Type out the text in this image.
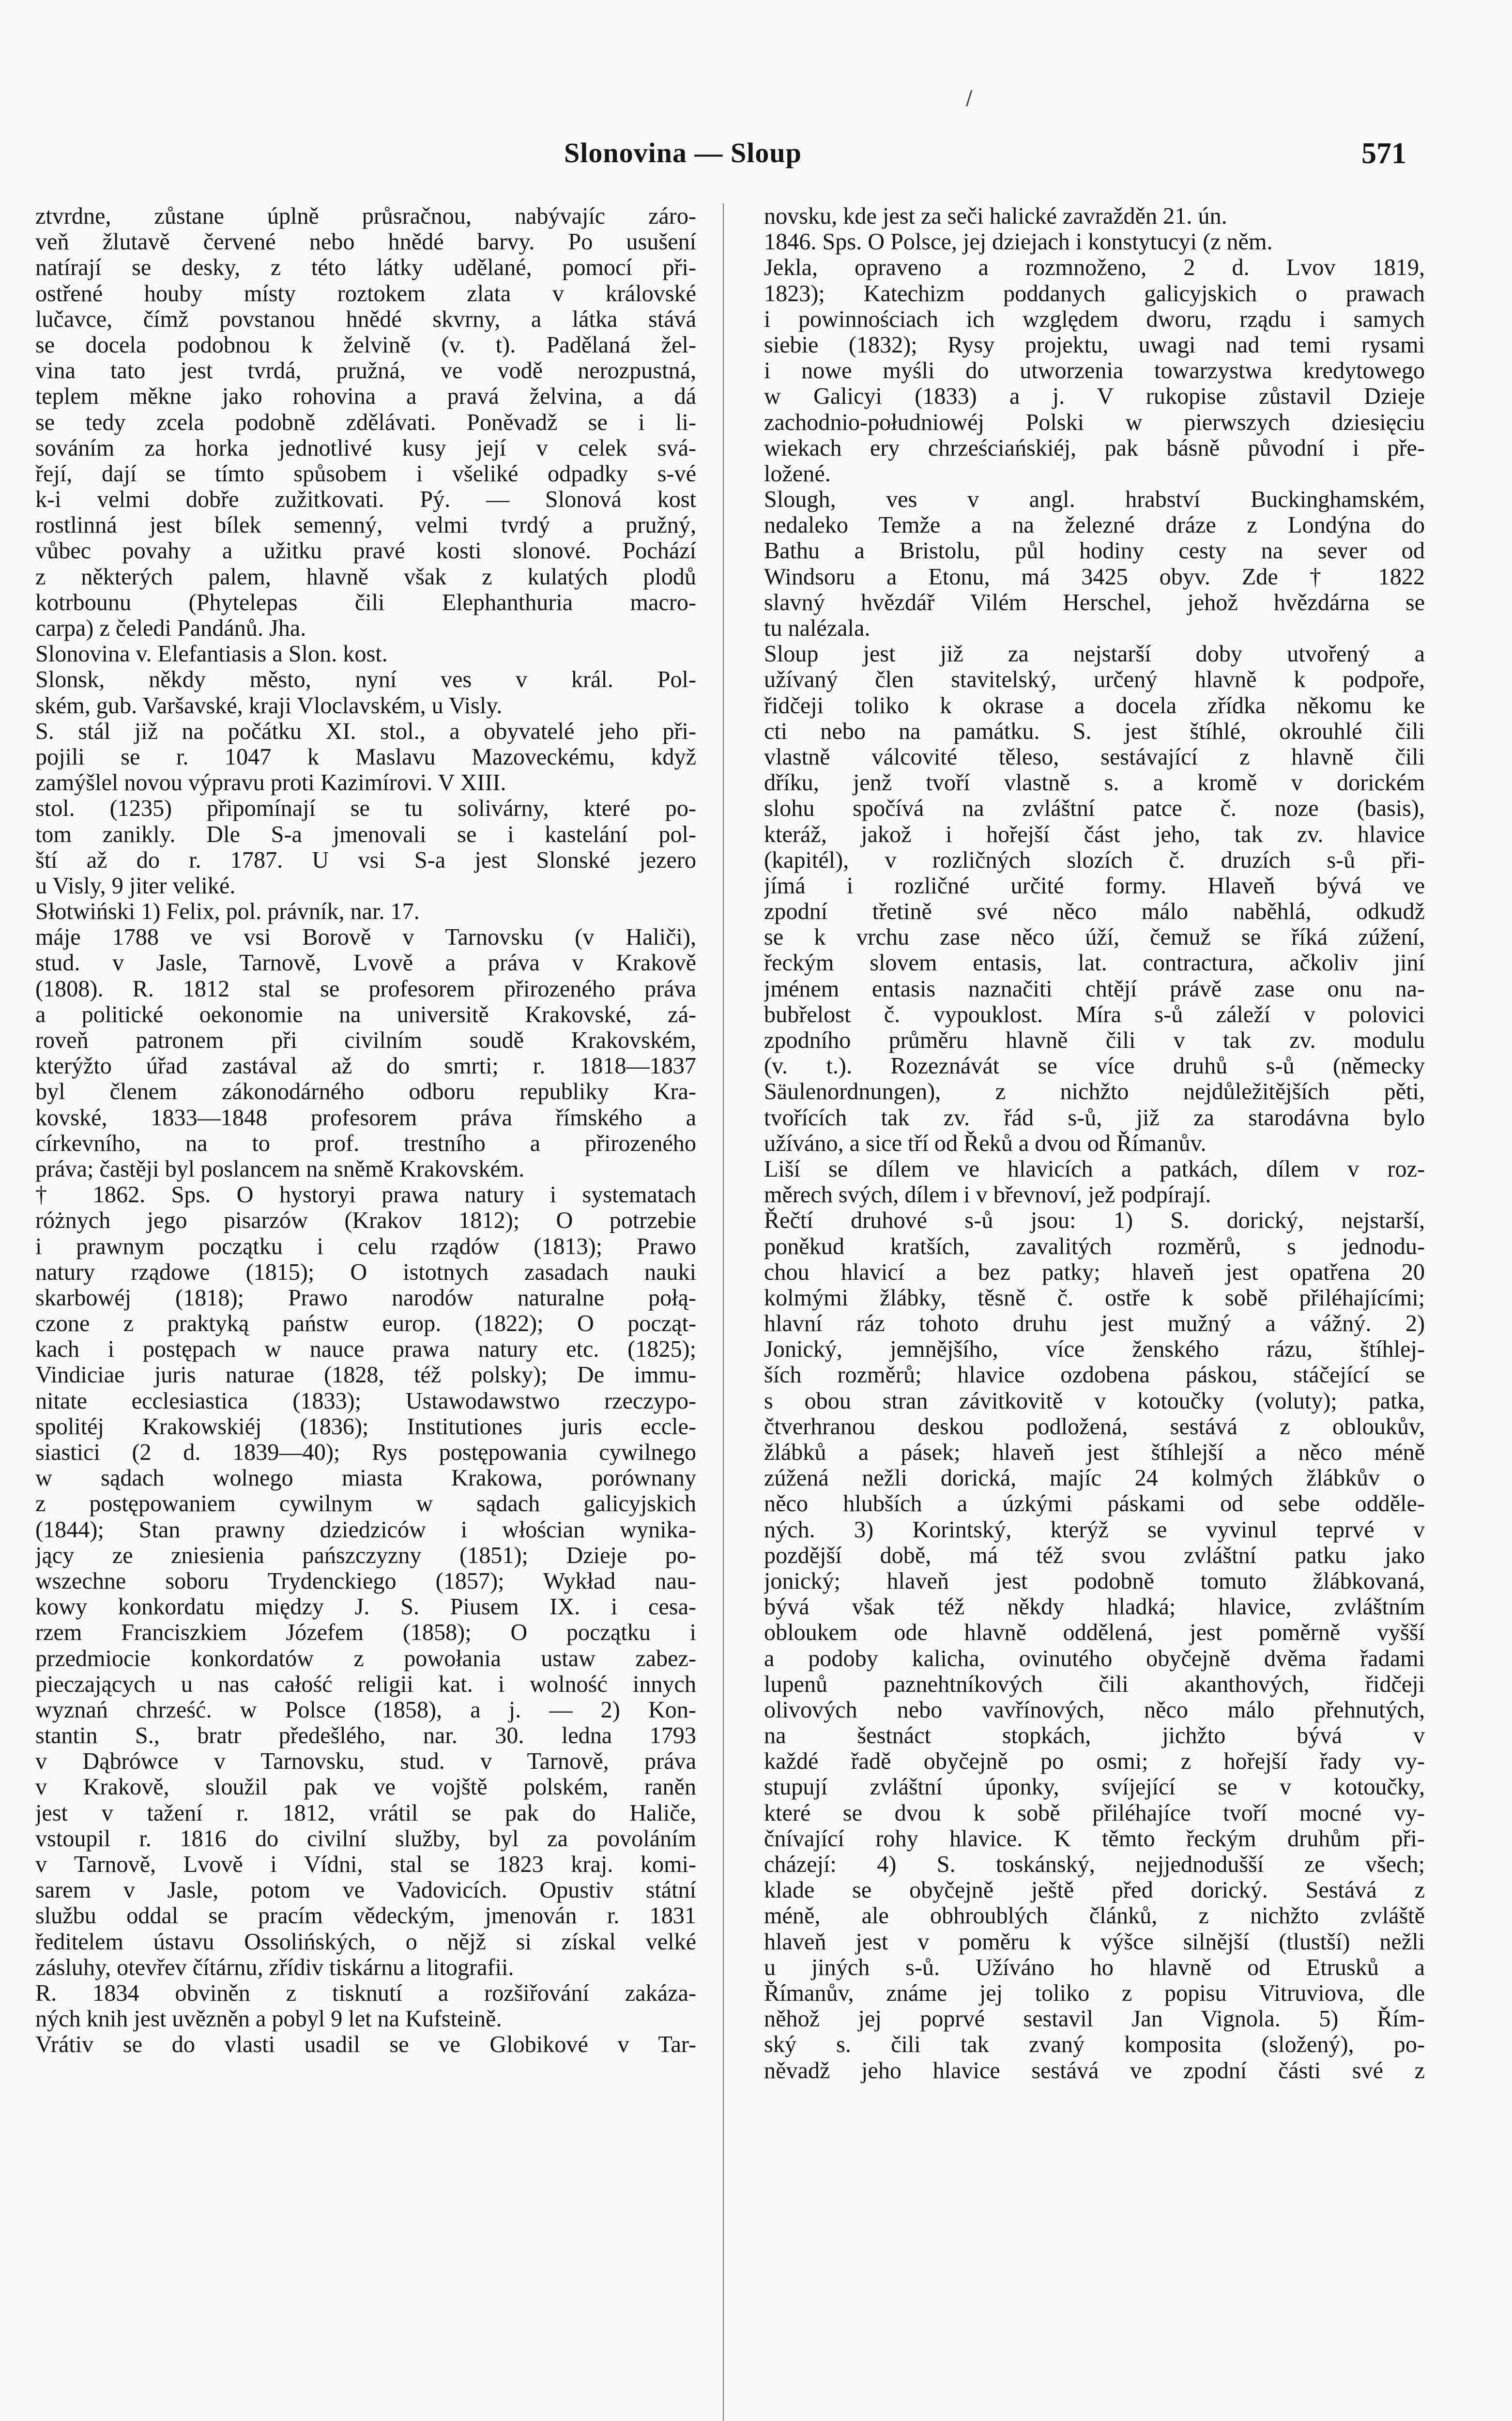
/
Slonovina — Sloup	571
ztvrdne, zůstane úplně průsračnou, nabývajíc záro-
veň žlutavě červené nebo hnědé barvy. Po usušení
natírají se desky, z této látky udělané, pomocí při-
ostřené houby místy roztokem zlata v královské
lučavce, čímž povstanou hnědé skvrny, a látka stává
se docela podobnou k želvině (v. t). Padělaná žel-
vina tato jest tvrdá, pružná, ve vodě nerozpustná,
teplem měkne jako rohovina a pravá želvina, a dá
se tedy zcela podobně zdělávati. Poněvadž se i li-
sováním za horka jednotlivé kusy její v celek svá-
řejí, dají se tímto spůsobem i všeliké odpadky s-vé
k-i velmi dobře zužitkovati. Pý. — Slonová kost
rostlinná jest bílek semenný, velmi tvrdý a pružný,
vůbec povahy a užitku pravé kosti slonové. Pochází
z některých palem, hlavně však z kulatých plodů
kotrbounu (Phytelepas čili Elephanthuria macro-
carpa) z čeledi Pandánů. Jha.
Slonovina v. Elefantiasis a Slon. kost.
Slonsk, někdy město, nyní ves v král. Pol-
ském, gub. Varšavské, kraji Vloclavském, u Visly.
S. stál již na počátku XI. stol., a obyvatelé jeho při-
pojili se r. 1047 k Maslavu Mazoveckému, když
zamýšlel novou výpravu proti Kazimírovi. V XIII.
stol. (1235) připomínají se tu solivárny, které po-
tom zanikly. Dle S-a jmenovali se i kastelání pol-
ští až do r. 1787. U vsi S-a jest Slonské jezero
u Visly, 9 jiter veliké.
Słotwiński 1) Felix, pol. právník, nar. 17.
máje 1788 ve vsi Borově v Tarnovsku (v Haliči),
stud. v Jasle, Tarnově, Lvově a práva v Krakově
(1808). R. 1812 stal se profesorem přirozeného práva
a politické oekonomie na universitě Krakovské, zá-
roveň patronem při civilním soudě Krakovském,
kterýžto úřad zastával až do smrti; r. 1818—1837
byl členem zákonodárného odboru republiky Kra-
kovské, 1833—1848 profesorem práva římského a
církevního, na to prof. trestního a přirozeného
práva; častěji byl poslancem na sněmě Krakovském.
† 1862. Sps. O hystoryi prawa natury i systematach
różnych jego pisarzów (Krakov 1812); O potrzebie
i prawnym początku i celu rządów (1813); Prawo
natury rządowe (1815); O istotnych zasadach nauki
skarbowéj (1818); Prawo narodów naturalne połą-
czone z praktyką państw europ. (1822); O począt-
kach i postępach w nauce prawa natury etc. (1825);
Vindiciae juris naturae (1828, též polsky); De immu-
nitate ecclesiastica (1833); Ustawodawstwo rzeczypo-
spolitéj Krakowskiéj (1836); Institutiones juris eccle-
siastici (2 d. 1839—40); Rys postępowania cywilnego
w sądach wolnego miasta Krakowa, porównany
z postępowaniem cywilnym w sądach galicyjskich
(1844); Stan prawny dziedziców i włościan wynika-
jący ze zniesienia pańszczyzny (1851); Dzieje po-
wszechne soboru Trydenckiego (1857); Wykład nau-
kowy konkordatu między J. S. Piusem IX. i cesa-
rzem Franciszkiem Józefem (1858); O początku i
przedmiocie konkordatów z powołania ustaw zabez-
pieczających u nas całość religii kat. i wolność innych
wyznań chrześć. w Polsce (1858), a j. — 2) Kon-
stantin S., bratr předešlého, nar. 30. ledna 1793
v Dąbrówce v Tarnovsku, stud. v Tarnově, práva
v Krakově, sloužil pak ve vojště polském, raněn
jest v tažení r. 1812, vrátil se pak do Haliče,
vstoupil r. 1816 do civilní služby, byl za povoláním
v Tarnově, Lvově i Vídni, stal se 1823 kraj. komi-
sarem v Jasle, potom ve Vadovicích. Opustiv státní
službu oddal se pracím vědeckým, jmenován r. 1831
ředitelem ústavu Ossolińských, o nějž si získal velké
zásluhy, otevřev čítárnu, zřídiv tiskárnu a litografii.
R. 1834 obviněn z tisknutí a rozšiřování zakáza-
ných knih jest uvězněn a pobyl 9 let na Kufsteině.
Vrátiv se do vlasti usadil se ve Globikové v Tar-
novsku, kde jest za seči halické zavražděn 21. ún.
1846. Sps. O Polsce, jej dziejach i konstytucyi (z něm.
Jekla, opraveno a rozmnoženo, 2 d. Lvov 1819,
1823); Katechizm poddanych galicyjskich o prawach
i powinnościach ich względem dworu, rządu i samych
siebie (1832); Rysy projektu, uwagi nad temi rysami
i nowe myśli do utworzenia towarzystwa kredytowego
w Galicyi (1833) a j. V rukopise zůstavil Dzieje
zachodnio-południowéj Polski w pierwszych dziesięciu
wiekach ery chrześciańskiéj, pak básně původní i pře-
ložené.
Slough, ves v angl. hrabství Buckinghamském,
nedaleko Temže a na železné dráze z Londýna do
Bathu a Bristolu, půl hodiny cesty na sever od
Windsoru a Etonu, má 3425 obyv. Zde † 1822
slavný hvězdář Vilém Herschel, jehož hvězdárna se
tu nalézala.
Sloup jest již za nejstarší doby utvořený a
užívaný člen stavitelský, určený hlavně k podpoře,
řidčeji toliko k okrase a docela zřídka někomu ke
cti nebo na památku. S. jest štíhlé, okrouhlé čili
vlastně válcovité těleso, sestávající z hlavně čili
dříku, jenž tvoří vlastně s. a kromě v dorickém
slohu spočívá na zvláštní patce č. noze (basis),
kteráž, jakož i hořejší část jeho, tak zv. hlavice
(kapitél), v rozličných slozích č. druzích s-ů při-
jímá i rozličné určité formy. Hlaveň bývá ve
zpodní třetině své něco málo naběhlá, odkudž
se k vrchu zase něco úží, čemuž se říká zúžení,
řeckým slovem entasis, lat. contractura, ačkoliv jiní
jménem entasis naznačiti chtějí právě zase onu na-
bubřelost č. vypouklost. Míra s-ů záleží v polovici
zpodního průměru hlavně čili v tak zv. modulu
(v. t.). Rozeznávát se více druhů s-ů (německy
Säulenordnungen), z nichžto nejdůležitějších pěti,
tvořících tak zv. řád s-ů, již za starodávna bylo
užíváno, a sice tří od Řeků a dvou od Římanův.
Liší se dílem ve hlavicích a patkách, dílem v roz-
měrech svých, dílem i v břevnoví, jež podpírají.
Řečtí druhové s-ů jsou: 1) S. dorický, nejstarší,
poněkud kratších, zavalitých rozměrů, s jednodu-
chou hlavicí a bez patky; hlaveň jest opatřena 20
kolmými žlábky, těsně č. ostře k sobě přiléhajícími;
hlavní ráz tohoto druhu jest mužný a vážný. 2)
Jonický, jemnějšího, více ženského rázu, štíhlej-
ších rozměrů; hlavice ozdobena páskou, stáčející se
s obou stran závitkovitě v kotoučky (voluty); patka,
čtverhranou deskou podložená, sestává z obloukův,
žlábků a pásek; hlaveň jest štíhlejší a něco méně
zúžená nežli dorická, majíc 24 kolmých žlábkův o
něco hlubších a úzkými páskami od sebe odděle-
ných. 3) Korintský, kterýž se vyvinul teprvé v
pozdější době, má též svou zvláštní patku jako
jonický; hlaveň jest podobně tomuto žlábkovaná,
bývá však též někdy hladká; hlavice, zvláštním
obloukem ode hlavně oddělená, jest poměrně vyšší
a podoby kalicha, ovinutého obyčejně dvěma řadami
lupenů paznehtníkových čili akanthových, řidčeji
olivových nebo vavřínových, něco málo přehnutých,
na šestnáct stopkách, jichžto bývá v
každé řadě obyčejně po osmi; z hořejší řady vy-
stupují zvláštní úponky, svíjející se v kotoučky,
které se dvou k sobě přiléhajíce tvoří mocné vy-
čnívající rohy hlavice. K těmto řeckým druhům při-
cházejí: 4) S. toskánský, nejjednodušší ze všech;
klade se obyčejně ještě před dorický. Sestává z
méně, ale obhroublých článků, z nichžto zvláště
hlaveň jest v poměru k výšce silnější (tlustší) nežli
u jiných s-ů. Užíváno ho hlavně od Etrusků a
Římanův, známe jej toliko z popisu Vitruviova, dle
něhož jej poprvé sestavil Jan Vignola. 5) Řím-
ský s. čili tak zvaný komposita (složený), po-
něvadž jeho hlavice sestává ve zpodní části své z
